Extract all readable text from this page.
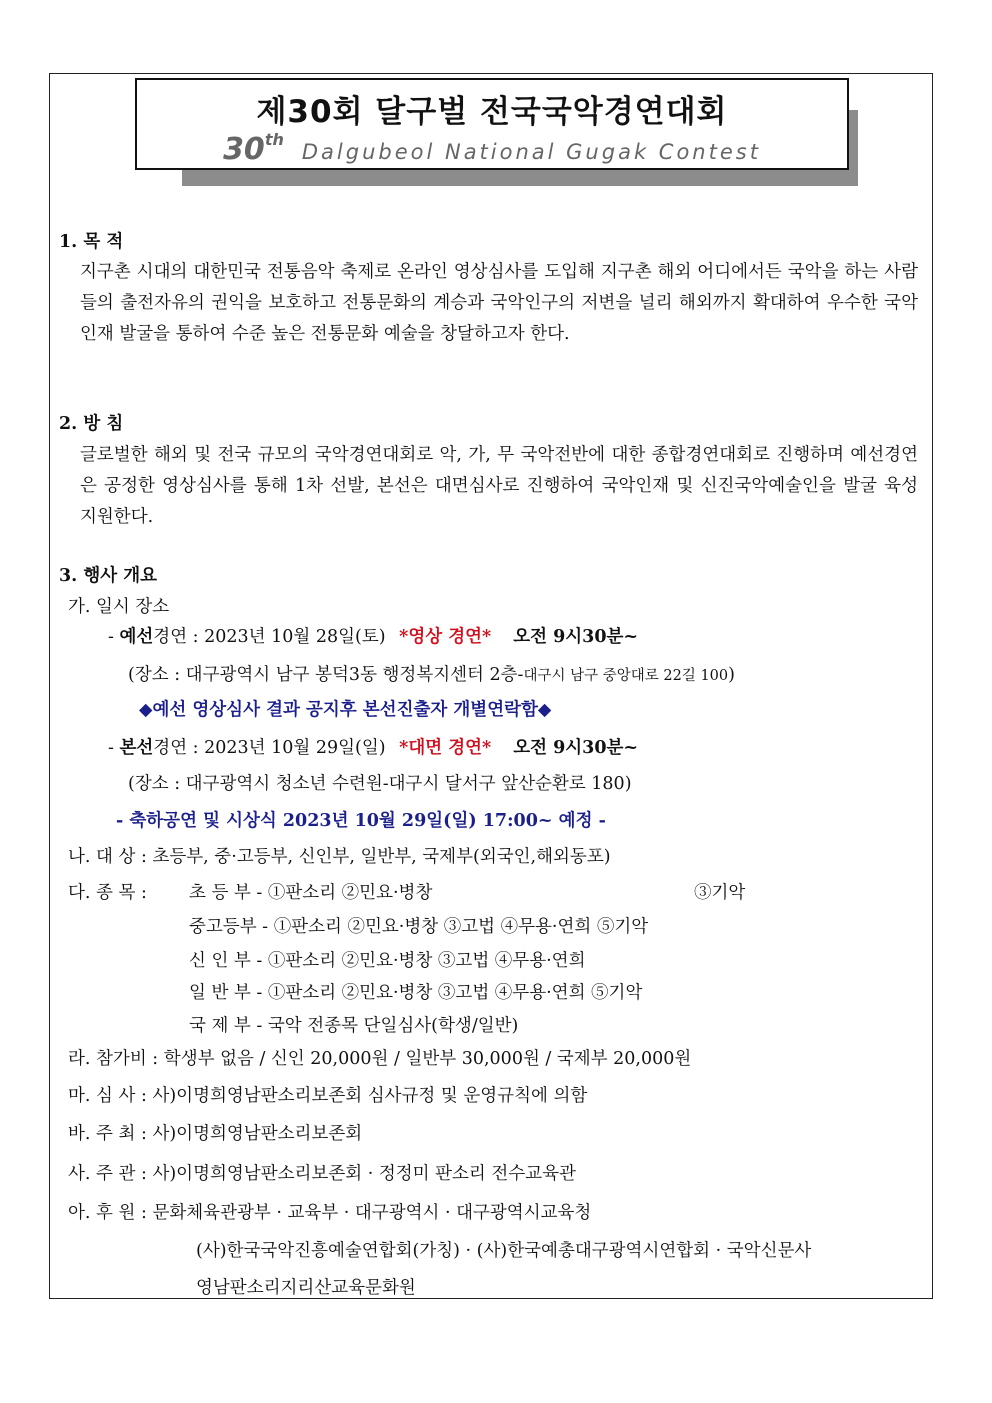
제30회 달구벌 전국국악경연대회
30thDalgubeol National Gugak Contest
1. 목 적
지구촌 시대의 대한민국 전통음악 축제로 온라인 영상심사를 도입해 지구촌 해외 어디에서든 국악을 하는 사람들의 출전자유의 권익을 보호하고 전통문화의 계승과 국악인구의 저변을 널리 해외까지 확대하여 우수한 국악인재 발굴을 통하여 수준 높은 전통문화 예술을 창달하고자 한다.
2. 방 침
글로벌한 해외 및 전국 규모의 국악경연대회로 악, 가, 무 국악전반에 대한 종합경연대회로 진행하며 예선경연은 공정한 영상심사를 통해 1차 선발, 본선은 대면심사로 진행하여 국악인재 및 신진국악예술인을 발굴 육성 지원한다.
3. 행사 개요
가. 일시 장소
- 예선경연 : 2023년 10월 28일(토) *영상 경연* 오전 9시30분~
(장소 : 대구광역시 남구 봉덕3동 행정복지센터 2층-대구시 남구 중앙대로 22길 100)
◆예선 영상심사 결과 공지후 본선진출자 개별연락함◆
- 본선경연 : 2023년 10월 29일(일) *대면 경연* 오전 9시30분~
(장소 : 대구광역시 청소년 수련원-대구시 달서구 앞산순환로 180)
- 축하공연 및 시상식 2023년 10월 29일(일) 17:00~ 예정 -
나. 대 상 : 초등부, 중·고등부, 신인부, 일반부, 국제부(외국인,해외동포)
다. 종 목 : 초 등 부 - ①판소리 ②민요·병창	③기악
중고등부 - ①판소리 ②민요·병창 ③고법 ④무용·연희 ⑤기악
신 인 부 - ①판소리 ②민요·병창 ③고법 ④무용·연희
일 반 부 - ①판소리 ②민요·병창 ③고법 ④무용·연희 ⑤기악
국 제 부 - 국악 전종목 단일심사(학생/일반)
라. 참가비 : 학생부 없음 / 신인 20,000원 / 일반부 30,000원 / 국제부 20,000원
마. 심 사 : 사)이명희영남판소리보존회 심사규정 및 운영규칙에 의함
바. 주 최 : 사)이명희영남판소리보존회
사. 주 관 : 사)이명희영남판소리보존회 · 정정미 판소리 전수교육관
아. 후 원 : 문화체육관광부 · 교육부 · 대구광역시 · 대구광역시교육청
(사)한국국악진흥예술연합회(가칭) · (사)한국예총대구광역시연합회 · 국악신문사
영남판소리지리산교육문화원
